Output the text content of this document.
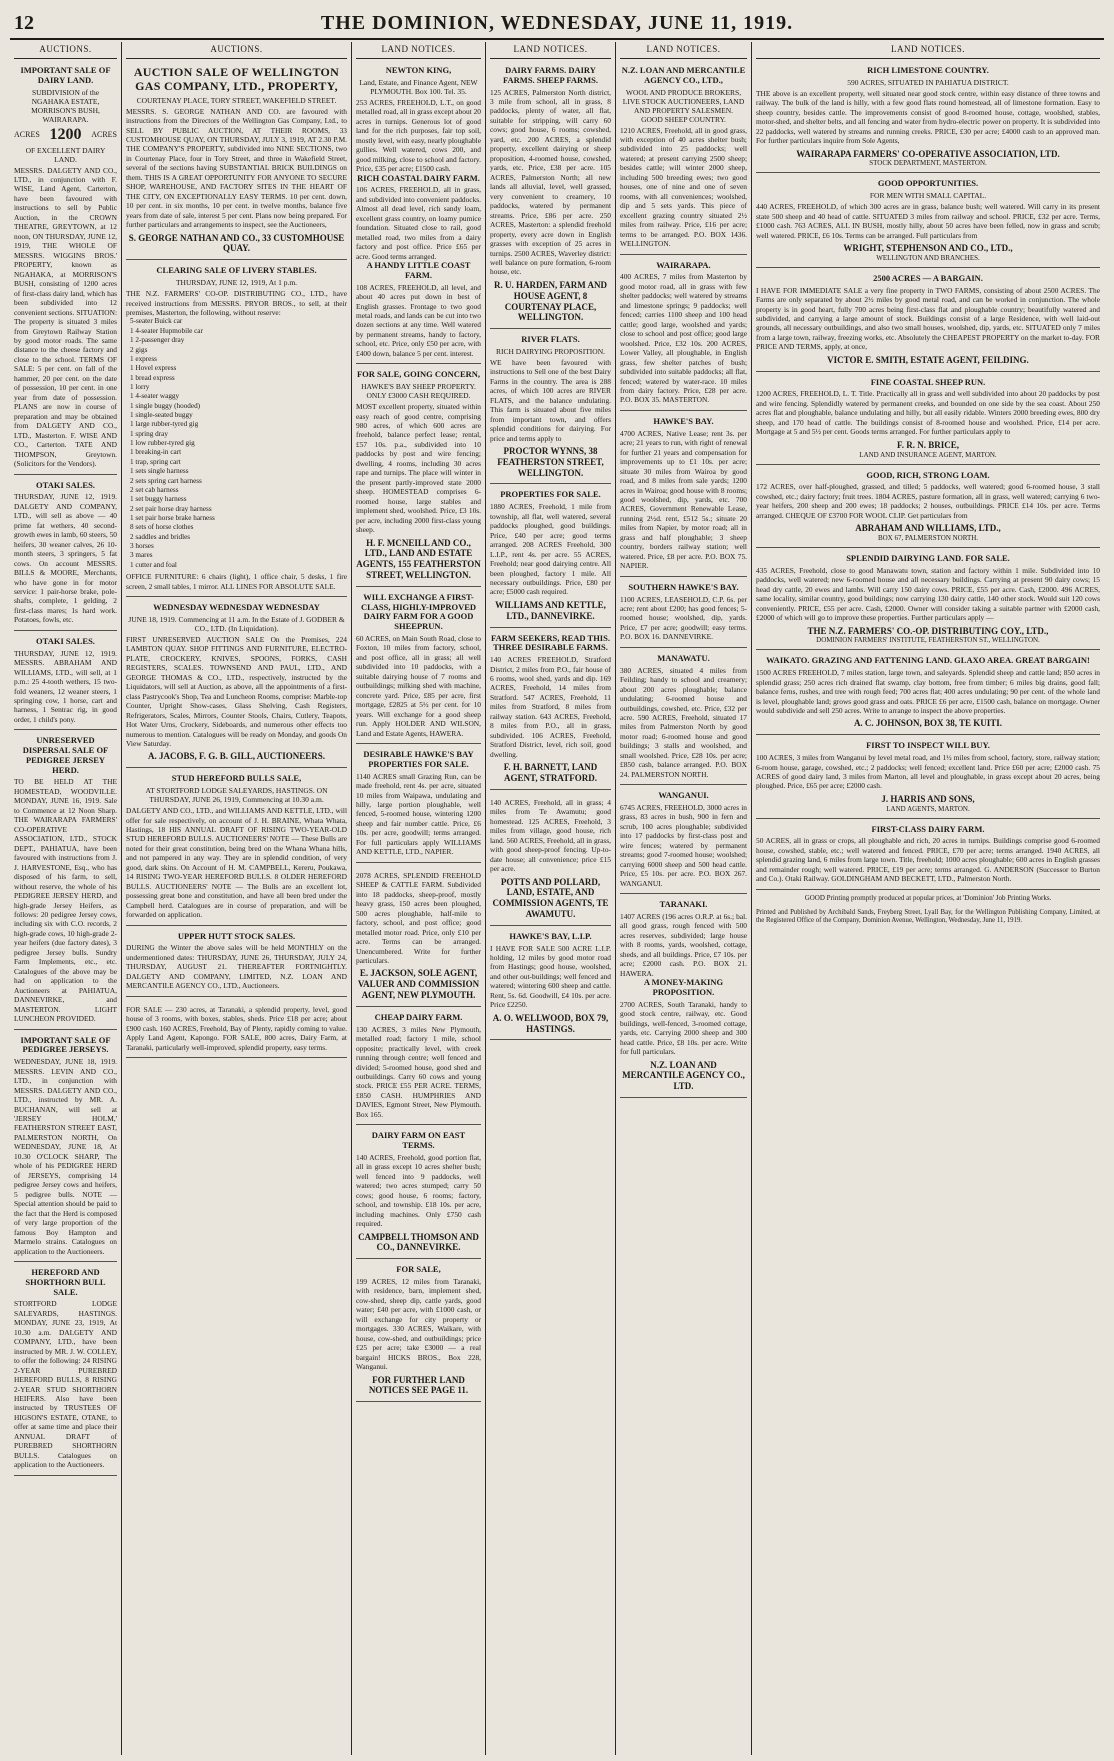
12	THE DOMINION, WEDNESDAY, JUNE 11, 1919.
AUCTIONS.
IMPORTANT SALE OF DAIRY LAND.
SUBDIVISION of the NGAHAKA ESTATE, MORRISON'S BUSH, WAIRARAPA.
ACRES 1200 ACRES
OF EXCELLENT DAIRY LAND.
MESSRS. DALGETY AND CO., LTD., in conjunction with F. WISE, Land Agent, Carterton, have been favoured with instructions to sell by Public Auction, in the CROWN THEATRE, GREYTOWN, at 12 noon, ON THURSDAY, JUNE 12, 1919, THE WHOLE OF MESSRS. WIGGINS BROS.' PROPERTY, known as NGAHAKA, at MORRISON'S BUSH, consisting of 1200 acres of first-class dairy land, which has been subdivided into 12 convenient sections. SITUATION: The property is situated 3 miles from Greytown Railway Station by good motor roads. The same distance to the cheese factory and close to the school. TERMS OF SALE: 5 per cent. on fall of the hammer, 20 per cent. on the date of possession, 10 per cent. in one year from date of possession. PLANS are now in course of preparation and may be obtained from DALGETY AND CO., LTD., Masterton. F. WISE AND CO., Carterton. TATE AND THOMPSON, Greytown. (Solicitors for the Vendors).
OTAKI SALES.
THURSDAY, JUNE 12, 1919. DALGETY AND COMPANY, LTD., will sell as above — 40 prime fat wethers, 40 second-growth ewes in lamb, 60 steers, 50 heifers, 30 weaner calves, 26 10-month steers, 3 springers, 5 fat cows. On account MESSRS. BILLS & MOORE, Merchants, who have gone in for motor service: 1 pair-horse brake, pole-shafts, complete, 1 gelding, 2 first-class mares; 1s hard work. Potatoes, fowls, etc.
OTAKI SALES.
THURSDAY, JUNE 12, 1919. MESSRS. ABRAHAM AND WILLIAMS, LTD., will sell, at 1 p.m.: 25 4-tooth wethers, 15 two-fold weaners, 12 weaner steers, 1 springing cow, 1 horse, cart and harness, 1 Sentrac rig, in good order, 1 child's pony.
UNRESERVED DISPERSAL SALE OF PEDIGREE JERSEY HERD.
TO BE HELD AT THE HOMESTEAD, WOODVILLE. MONDAY, JUNE 16, 1919. Sale to Commence at 12 Noon Sharp. THE WAIRARAPA FARMERS' CO-OPERATIVE ASSOCIATION, LTD., STOCK DEPT., PAHIATUA, have been favoured with instructions from J. J. HARVESTONE, Esq., who has disposed of his farm, to sell, without reserve, the whole of his PEDIGREE JERSEY HERD, and high-grade Jersey Heifers, as follows: 20 pedigree Jersey cows, including six with C.O. records, 2 high-grade cows, 10 high-grade 2-year heifers (due factory dates), 3 pedigree Jersey bulls. Sundry Farm Implements, etc., etc. Catalogues of the above may be had on application to the Auctioneers at PAHIATUA, DANNEVIRKE, and MASTERTON. LIGHT LUNCHEON PROVIDED.
IMPORTANT SALE OF PEDIGREE JERSEYS.
WEDNESDAY, JUNE 18, 1919. MESSRS. LEVIN AND CO., LTD., in conjunction with MESSRS. DALGETY AND CO., LTD., instructed by MR. A. BUCHANAN, will sell at 'JERSEY HOLM,' FEATHERSTON STREET EAST, PALMERSTON NORTH, On WEDNESDAY, JUNE 18, At 10.30 O'CLOCK SHARP, The whole of his PEDIGREE HERD of JERSEYS, comprising 14 pedigree Jersey cows and heifers, 5 pedigree bulls. NOTE — Special attention should be paid to the fact that the Herd is composed of very large proportion of the famous Boy Hampton and Marmelo strains. Catalogues on application to the Auctioneers.
HEREFORD AND SHORTHORN BULL SALE.
STORTFORD LODGE SALEYARDS, HASTINGS. MONDAY, JUNE 23, 1919, At 10.30 a.m. DALGETY AND COMPANY, LTD., have been instructed by MR. J. W. COLLEY, to offer the following: 24 RISING 2-YEAR PUREBRED HEREFORD BULLS, 8 RISING 2-YEAR STUD SHORTHORN HEIFERS. Also have been instructed by TRUSTEES OF HIGSON'S ESTATE, OTANE, to offer at same time and place their ANNUAL DRAFT of PUREBRED SHORTHORN BULLS. Catalogues on application to the Auctioneers.
AUCTIONS.
AUCTION SALE OF WELLINGTON GAS COMPANY, LTD., PROPERTY,
COURTENAY PLACE, TORY STREET, WAKEFIELD STREET.
MESSRS. S. GEORGE NATHAN AND CO. are favoured with instructions from the Directors of the Wellington Gas Company, Ltd., to SELL BY PUBLIC AUCTION, AT THEIR ROOMS, 33 CUSTOMHOUSE QUAY, ON THURSDAY, JULY 3, 1919, AT 2.30 P.M. THE COMPANY'S PROPERTY, subdivided into NINE SECTIONS, two in Courtenay Place, four in Tory Street, and three in Wakefield Street, several of the sections having SUBSTANTIAL BRICK BUILDINGS on them. THIS IS A GREAT OPPORTUNITY FOR ANYONE TO SECURE SHOP, WAREHOUSE, AND FACTORY SITES IN THE HEART OF THE CITY, ON EXCEPTIONALLY EASY TERMS. 10 per cent. down, 10 per cent. in six months, 10 per cent. in twelve months, balance five years from date of sale, interest 5 per cent. Plans now being prepared. For further particulars and arrangements to inspect, see the Auctioneers,
S. GEORGE NATHAN AND CO., 33 CUSTOMHOUSE QUAY.
CLEARING SALE OF LIVERY STABLES.
THURSDAY, JUNE 12, 1919, At 1 p.m.
THE N.Z. FARMERS' CO-OP. DISTRIBUTING CO., LTD., have received instructions from MESSRS. PRYOR BROS., to sell, at their premises, Masterton, the following, without reserve:
5-seater Buick car
1 4-seater Hupmobile car
1 2-passenger dray
2 gigs
1 express
1 Hovel express
1 bread express
1 lorry
1 4-seater waggy
1 single buggy (hooded)
1 single-seated buggy
1 large rubber-tyred gig
1 spring dray
1 low rubber-tyred gig
1 breaking-in cart
1 trap, spring cart
1 sets single harness
2 sets spring cart harness
2 set cab harness
1 set buggy harness
2 set pair horse dray harness
1 set pair horse brake harness
8 sets of horse clothes
2 saddles and bridles
3 horses
3 mares
1 cutter and foal
OFFICE FURNITURE: 6 chairs (light), 1 office chair, 5 desks, 1 fire screen, 2 small tables, 1 mirror. ALL LINES FOR ABSOLUTE SALE.
WEDNESDAY WEDNESDAY WEDNESDAY
JUNE 18, 1919. Commencing at 11 a.m. In the Estate of J. GODBER & CO., LTD. (In Liquidation).
FIRST UNRESERVED AUCTION SALE On the Premises, 224 LAMBTON QUAY. SHOP FITTINGS AND FURNITURE, ELECTRO-PLATE, CROCKERY, KNIVES, SPOONS, FORKS, CASH REGISTERS, SCALES. TOWNSEND AND PAUL, LTD., AND GEORGE THOMAS & CO., LTD., respectively, instructed by the Liquidators, will sell at Auction, as above, all the appointments of a first-class Pastrycook's Shop, Tea and Luncheon Rooms, comprise: Marble-top Counter, Upright Show-cases, Glass Shelving, Cash Registers, Refrigerators, Scales, Mirrors, Counter Stools, Chairs, Cutlery, Teapots, Hot Water Urns, Crockery, Sideboards, and numerous other effects too numerous to mention. Catalogues will be ready on Monday, and goods On View Saturday.
A. JACOBS, F. G. B. GILL, AUCTIONEERS.
STUD HEREFORD BULLS SALE,
AT STORTFORD LODGE SALEYARDS, HASTINGS. ON THURSDAY, JUNE 26, 1919, Commencing at 10.30 a.m.
DALGETY AND CO., LTD., and WILLIAMS AND KETTLE, LTD., will offer for sale respectively, on account of J. H. BRAINE, Whata Whata, Hastings, 18 HIS ANNUAL DRAFT OF RISING TWO-YEAR-OLD STUD HEREFORD BULLS. AUCTIONEERS' NOTE — These Bulls are noted for their great constitution, being bred on the Whana Whana hills, and not pampered in any way. They are in splendid condition, of very good, dark skins. On Account of H. M. CAMPBELL, Kereru, Poukawa, 14 RISING TWO-YEAR HEREFORD BULLS. 8 OLDER HEREFORD BULLS. AUCTIONEERS' NOTE — The Bulls are an excellent lot, possessing great bone and constitution, and have all been bred under the Campbell herd. Catalogues are in course of preparation, and will be forwarded on application.
UPPER HUTT STOCK SALES.
DURING the Winter the above sales will be held MONTHLY on the undermentioned dates: THURSDAY, JUNE 26, THURSDAY, JULY 24, THURSDAY, AUGUST 21. THEREAFTER FORTNIGHTLY. DALGETY AND COMPANY, LIMITED, N.Z. LOAN AND MERCANTILE AGENCY CO., LTD., Auctioneers.
FOR SALE — 230 acres, at Taranaki, a splendid property, level, good house of 3 rooms, with boxes, stables, sheds. Price £18 per acre; about £900 cash. 160 ACRES, Freehold, Bay of Plenty, rapidly coming to value. Apply Land Agent, Kapongo. FOR SALE, 800 acres, Dairy Farm, at Taranaki, particularly well-improved, splendid property, easy terms.
LAND NOTICES.
NEWTON KING,
Land, Estate, and Finance Agent, NEW PLYMOUTH. Box 100. Tel. 35.
253 ACRES, FREEHOLD, L.T., on good metalled road, all in grass except about 20 acres in turnips. Generous lot of good land for the rich purposes, fair top soil, mostly level, with easy, nearly ploughable gullies. Well watered, cows 200, and good milking, close to school and factory. Price, £35 per acre; £1500 cash.
RICH COASTAL DAIRY FARM.
106 ACRES, FREEHOLD, all in grass, and subdivided into convenient paddocks. Almost all dead level, rich sandy loam, excellent grass country, on loamy pumice foundation. Situated close to rail, good metalled road, two miles from a dairy factory and post office. Price £65 per acre. Good terms arranged.
A HANDY LITTLE COAST FARM.
108 ACRES, FREEHOLD, all level, and about 40 acres put down in best of English grasses. Frontage to two good metal roads, and lands can be cut into two dozen sections at any time. Well watered by permanent streams, handy to factory, school, etc. Price, only £50 per acre, with £400 down, balance 5 per cent. interest.
FOR SALE, GOING CONCERN,
HAWKE'S BAY SHEEP PROPERTY. ONLY £3000 CASH REQUIRED.
MOST excellent property, situated within easy reach of good centre, comprising 980 acres, of which 600 acres are freehold, balance perfect lease; rental, £57 10s. p.a., subdivided into 10 paddocks by post and wire fencing; dwelling, 4 rooms, including 30 acres rape and turnips. The place will winter in the present partly-improved state 2000 sheep. HOMESTEAD comprises 6-roomed house, large stables and implement shed, woolshed. Price, £3 10s. per acre, including 2000 first-class young sheep.
H. F. MCNEILL AND CO., LTD., LAND AND ESTATE AGENTS, 155 FEATHERSTON STREET, WELLINGTON.
WILL EXCHANGE A FIRST-CLASS, HIGHLY-IMPROVED DAIRY FARM FOR A GOOD SHEEPRUN.
60 ACRES, on Main South Road, close to Foxton, 10 miles from factory, school, and post office, all in grass; all well subdivided into 10 paddocks, with a suitable dairying house of 7 rooms and outbuildings; milking shed with machine, concrete yard. Price, £85 per acre, first mortgage, £2825 at 5½ per cent. for 10 years. Will exchange for a good sheep run. Apply HOLDER AND WILSON, Land and Estate Agents, HAWERA.
DESIRABLE HAWKE'S BAY PROPERTIES FOR SALE.
1140 ACRES small Grazing Run, can be made freehold, rent 4s. per acre, situated 10 miles from Waipawa, undulating and hilly, large portion ploughable, well fenced, 5-roomed house, wintering 1200 sheep and fair number cattle. Price, £6 10s. per acre, goodwill; terms arranged. For full particulars apply WILLIAMS AND KETTLE, LTD., NAPIER.
2078 ACRES, SPLENDID FREEHOLD SHEEP & CATTLE FARM. Subdivided into 18 paddocks, sheep-proof, mostly heavy grass, 150 acres been ploughed, 500 acres ploughable, half-mile to factory, school, and post office; good metalled motor road. Price, only £10 per acre. Terms can be arranged. Unencumbered. Write for further particulars.
E. JACKSON, SOLE AGENT, VALUER AND COMMISSION AGENT, NEW PLYMOUTH.
CHEAP DAIRY FARM.
130 ACRES, 3 miles New Plymouth, metalled road; factory 1 mile, school opposite; practically level, with creek running through centre; well fenced and divided; 5-roomed house, good shed and outbuildings. Carry 60 cows and young stock. PRICE £55 PER ACRE. TERMS, £850 CASH. HUMPHRIES AND DAVIES, Egmont Street, New Plymouth. Box 165.
DAIRY FARM ON EAST TERMS.
140 ACRES, Freehold, good portion flat, all in grass except 10 acres shelter bush; well fenced into 9 paddocks, well watered; two acres stumped; carry 50 cows; good house, 6 rooms; factory, school, and township. £18 10s. per acre, including machines. Only £750 cash required.
CAMPBELL THOMSON AND CO., DANNEVIRKE.
FOR SALE,
199 ACRES, 12 miles from Taranaki, with residence, barn, implement shed, cow-shed, sheep dip, cattle yards, good water; £40 per acre, with £1000 cash, or will exchange for city property or mortgages. 330 ACRES, Waikare, with house, cow-shed, and outbuildings; price £25 per acre; take £3000 — a real bargain! HICKS BROS., Box 228, Wanganui.
FOR FURTHER LAND NOTICES SEE PAGE 11.
LAND NOTICES.
DAIRY FARMS. DAIRY FARMS. SHEEP FARMS.
125 ACRES, Palmerston North district, 3 mile from school, all in grass, 8 paddocks, plenty of water, all flat, suitable for stripping, will carry 60 cows; good house, 6 rooms; cowshed, yard, etc. 200 ACRES, a splendid property, excellent dairying or sheep proposition, 4-roomed house, cowshed, yards, etc. Price, £38 per acre. 105 ACRES, Palmerston North; all new lands all alluvial, level, well grassed, very convenient to creamery, 10 paddocks, watered by permanent streams. Price, £86 per acre. 250 ACRES, Masterton: a splendid freehold property, every acre down in English grasses with exception of 25 acres in turnips. 2500 ACRES, Waverley district: well balance on pure formation, 6-room house, etc.
R. U. HARDEN, FARM AND HOUSE AGENT, 8 COURTENAY PLACE, WELLINGTON.
RIVER FLATS.
RICH DAIRYING PROPOSITION.
WE have been favoured with instructions to Sell one of the best Dairy Farms in the country. The area is 288 acres, of which 100 acres are RIVER FLATS, and the balance undulating. This farm is situated about five miles from important town, and offers splendid conditions for dairying. For price and terms apply to
PROCTOR WYNNS, 38 FEATHERSTON STREET, WELLINGTON.
PROPERTIES FOR SALE.
1880 ACRES, Freehold, 1 mile from township, all flat, well watered, several paddocks ploughed, good buildings. Price, £40 per acre; good terms arranged. 208 ACRES Freehold, 300 L.I.P., rent 4s. per acre. 55 ACRES, Freehold; near good dairying centre. All been ploughed, factory 1 mile. All necessary outbuildings. Price, £80 per acre; £5000 cash required.
WILLIAMS AND KETTLE, LTD., DANNEVIRKE.
FARM SEEKERS, READ THIS. THREE DESIRABLE FARMS.
140 ACRES FREEHOLD, Stratford District, 2 miles from P.O., fair house of 6 rooms, wool shed, yards and dip. 169 ACRES, Freehold, 14 miles from Stratford. 547 ACRES, Freehold, 11 miles from Stratford, 8 miles from railway station. 643 ACRES, Freehold, 8 miles from P.O., all in grass, subdivided. 106 ACRES, Freehold, Stratford District, level, rich soil, good dwelling.
F. H. BARNETT, LAND AGENT, STRATFORD.
140 ACRES, Freehold, all in grass; 4 miles from Te Awamutu; good homestead. 125 ACRES, Freehold, 3 miles from village, good house, rich land. 560 ACRES, Freehold, all in grass, with good sheep-proof fencing. Up-to-date house; all convenience; price £15 per acre.
POTTS AND POLLARD, LAND, ESTATE, AND COMMISSION AGENTS, TE AWAMUTU.
HAWKE'S BAY, L.I.P.
I HAVE FOR SALE 500 ACRE L.I.P. holding, 12 miles by good motor road from Hastings; good house, woolshed, and other out-buildings; well fenced and watered; wintering 600 sheep and cattle. Rent, 5s. 6d. Goodwill, £4 10s. per acre. Price £2250.
A. O. WELLWOOD, BOX 79, HASTINGS.
LAND NOTICES.
N.Z. LOAN AND MERCANTILE AGENCY CO., LTD.,
WOOL AND PRODUCE BROKERS, LIVE STOCK AUCTIONEERS, LAND AND PROPERTY SALESMEN.
GOOD SHEEP COUNTRY.
1210 ACRES, Freehold, all in good grass, with exception of 40 acres shelter bush; subdivided into 25 paddocks; well watered; at present carrying 2500 sheep; besides cattle; will winter 2000 sheep, including 500 breeding ewes; two good houses, one of nine and one of seven rooms, with all conveniences; woolshed, dip and 5 sets yards. This piece of excellent grazing country situated 2½ miles from railway. Price, £16 per acre; terms to be arranged. P.O. BOX 1436. WELLINGTON.
WAIRARAPA.
400 ACRES, 7 miles from Masterton by good motor road, all in grass with few shelter paddocks; well watered by streams and limestone springs; 9 paddocks; well fenced; carries 1100 sheep and 100 head cattle; good large, woolshed and yards; close to school and post office; good large woolshed. Price, £32 10s. 200 ACRES, Lower Valley, all ploughable, in English grass, few shelter patches of bush; subdivided into suitable paddocks; all flat, fenced; watered by water-race. 10 miles from dairy factory. Price, £28 per acre. P.O. BOX 35. MASTERTON.
HAWKE'S BAY.
4700 ACRES, Native Lease; rent 3s. per acre; 21 years to run, with right of renewal for further 21 years and compensation for improvements up to £1 10s. per acre; situate 30 miles from Wairoa by good road, and 8 miles from sale yards; 1200 acres in Wairoa; good house with 8 rooms; good woolshed, dip, yards, etc. 700 ACRES, Government Renewable Lease, running 2½d. rent, £512 5s.; situate 20 miles from Napier, by motor road; all in grass and half ploughable; 3 sheep country, borders railway station; well watered. Price, £8 per acre. P.O. BOX 75. NAPIER.
SOUTHERN HAWKE'S BAY.
1100 ACRES, LEASEHOLD, C.P. 6s. per acre; rent about £200; has good fences; 5-roomed house; woolshed, dip, yards. Price, £7 per acre; goodwill; easy terms. P.O. BOX 16. DANNEVIRKE.
MANAWATU.
380 ACRES, situated 4 miles from Feilding; handy to school and creamery; about 200 acres ploughable; balance undulating; 6-roomed house and outbuildings, cowshed, etc. Price, £32 per acre. 590 ACRES, Freehold, situated 17 miles from Palmerston North by good motor road; 6-roomed house and good buildings; 3 stalls and woolshed, and small woolshed. Price, £28 10s. per acre; £850 cash, balance arranged. P.O. BOX 24. PALMERSTON NORTH.
WANGANUI.
6745 ACRES, FREEHOLD, 3000 acres in grass, 83 acres in bush, 900 in fern and scrub, 100 acres ploughable; subdivided into 17 paddocks by first-class post and wire fences; watered by permanent streams; good 7-roomed house; woolshed; carrying 6000 sheep and 500 head cattle. Price, £5 10s. per acre. P.O. BOX 267. WANGANUI.
TARANAKI.
1407 ACRES (196 acres O.R.P. at 6s.; bal. all good grass, rough fenced with 500 acres reserves, subdivided; large house with 8 rooms, yards, woolshed, cottage, sheds, and all buildings. Price, £7 10s. per acre; £2000 cash. P.O. BOX 21. HAWERA.
A MONEY-MAKING PROPOSITION.
2700 ACRES, South Taranaki, handy to good stock centre, railway, etc. Good buildings, well-fenced, 3-roomed cottage, yards, etc. Carrying 2000 sheep and 300 head cattle. Price, £8 10s. per acre. Write for full particulars.
N.Z. LOAN AND MERCANTILE AGENCY CO., LTD.
LAND NOTICES.
RICH LIMESTONE COUNTRY.
590 ACRES, SITUATED IN PAHIATUA DISTRICT.
THE above is an excellent property, well situated near good stock centre, within easy distance of three towns and railway. The bulk of the land is hilly, with a few good flats round homestead, all of limestone formation. Easy to sheep country, besides cattle. The improvements consist of good 8-roomed house, cottage, woolshed, stables, motor-shed, and shelter belts, and all fencing and water from hydro-electric power on property. It is subdivided into 22 paddocks, well watered by streams and running creeks. PRICE, £30 per acre; £4000 cash to an approved man. For further particulars inquire from Sole Agents,
WAIRARAPA FARMERS' CO-OPERATIVE ASSOCIATION, LTD.
STOCK DEPARTMENT, MASTERTON.
GOOD OPPORTUNITIES.
FOR MEN WITH SMALL CAPITAL.
440 ACRES, FREEHOLD, of which 300 acres are in grass, balance bush; well watered. Will carry in its present state 500 sheep and 40 head of cattle. SITUATED 3 miles from railway and school. PRICE, £32 per acre. Terms, £1000 cash. 763 ACRES, ALL IN BUSH, mostly hilly, about 50 acres have been felled, now in grass and scrub; well watered. PRICE, £6 10s. Terms can be arranged. Full particulars from
WRIGHT, STEPHENSON AND CO., LTD.,
WELLINGTON AND BRANCHES.
2500 ACRES — A BARGAIN.
I HAVE FOR IMMEDIATE SALE a very fine property in TWO FARMS, consisting of about 2500 ACRES. The Farms are only separated by about 2½ miles by good metal road, and can be worked in conjunction. The whole property is in good heart, fully 700 acres being first-class flat and ploughable country; beautifully watered and subdivided, and carrying a large amount of stock. Buildings consist of a large Residence, with well laid-out grounds, all necessary outbuildings, and also two small houses, woolshed, dip, yards, etc. SITUATED only 7 miles from a large town, railway, freezing works, etc. Absolutely the CHEAPEST PROPERTY on the market to-day. FOR PRICE AND TERMS, apply, at once,
VICTOR E. SMITH, ESTATE AGENT, FEILDING.
FINE COASTAL SHEEP RUN.
1200 ACRES, FREEHOLD, L. T. Title. Practically all in grass and well subdivided into about 20 paddocks by post and wire fencing. Splendidly watered by permanent creeks, and bounded on one side by the sea coast. About 250 acres flat and ploughable, balance undulating and hilly, but all easily ridable. Winters 2000 breeding ewes, 800 dry sheep, and 170 head of cattle. The buildings consist of 8-roomed house and woolshed. Price, £14 per acre. Mortgage at 5 and 5½ per cent. Goods terms arranged. For further particulars apply to
F. R. N. BRICE,
LAND AND INSURANCE AGENT, MARTON.
GOOD, RICH, STRONG LOAM.
172 ACRES, over half-ploughed, grassed, and tilled; 5 paddocks, well watered; good 6-roomed house, 3 stall cowshed, etc.; dairy factory; fruit trees. 1804 ACRES, pasture formation, all in grass, well watered; carrying 6 two-year heifers, 200 sheep and 200 ewes; 18 paddocks; 2 houses, outbuildings. PRICE £14 10s. per acre. Terms arranged. CHEQUE OF £3700 FOR WOOL CLIP. Get particulars from
ABRAHAM AND WILLIAMS, LTD.,
BOX 67, PALMERSTON NORTH.
SPLENDID DAIRYING LAND. FOR SALE.
435 ACRES, Freehold, close to good Manawatu town, station and factory within 1 mile. Subdivided into 10 paddocks, well watered; new 6-roomed house and all necessary buildings. Carrying at present 90 dairy cows; 15 head dry cattle, 20 ewes and lambs. Will carry 150 dairy cows. PRICE, £55 per acre. Cash, £2000. 496 ACRES, same locality, similar country, good buildings; now carrying 130 dairy cattle, 140 other stock. Would suit 120 cows conveniently. PRICE, £55 per acre. Cash, £2000. Owner will consider taking a suitable partner with £2000 cash, £2000 of which will go to improve these properties. Further particulars apply —
THE N.Z. FARMERS' CO.-OP. DISTRIBUTING COY., LTD.,
DOMINION FARMERS' INSTITUTE, FEATHERSTON ST., WELLINGTON.
WAIKATO. GRAZING AND FATTENING LAND. GLAXO AREA. GREAT BARGAIN!
1500 ACRES FREEHOLD, 7 miles station, large town, and saleyards. Splendid sheep and cattle land; 850 acres in splendid grass; 250 acres rich drained flat swamp, clay bottom, free from timber; 6 miles big drains, good fall; balance ferns, rushes, and tree with rough feed; 700 acres flat; 400 acres undulating; 90 per cent. of the whole land is level, ploughable land; grows good grass and oats. PRICE £6 per acre, £1500 cash, balance on mortgage. Owner would subdivide and sell 250 acres. Write to arrange to inspect the above properties.
A. C. JOHNSON, BOX 38, TE KUITI.
FIRST TO INSPECT WILL BUY.
100 ACRES, 3 miles from Wanganui by level metal road, and 1½ miles from school, factory, store, railway station; 6-room house, garage, cowshed, etc.; 2 paddocks; well fenced; excellent land. Price £60 per acre; £2000 cash. 75 ACRES of good dairy land, 3 miles from Marton, all level and ploughable, in grass except about 20 acres, being ploughed. Price, £65 per acre; £2000 cash.
J. HARRIS AND SONS,
LAND AGENTS, MARTON.
FIRST-CLASS DAIRY FARM.
50 ACRES, all in grass or crops, all ploughable and rich, 20 acres in turnips. Buildings comprise good 6-roomed house, cowshed, stable, etc.; well watered and fenced. PRICE, £70 per acre; terms arranged. 1940 ACRES, all splendid grazing land, 6 miles from large town. Title, freehold; 1000 acres ploughable; 600 acres in English grasses and remainder rough; well watered. PRICE, £19 per acre; terms arranged. G. ANDERSON (Successor to Burton and Co.). Otaki Railway. GOLDINGHAM AND BECKETT, LTD., Palmerston North.
GOOD Printing promptly produced at popular prices, at 'Dominion' Job Printing Works.
Printed and Published by Archibald Sands, Freyberg Street, Lyall Bay, for the Wellington Publishing Company, Limited, at the Registered Office of the Company, Dominion Avenue, Wellington, Wednesday, June 11, 1919.
